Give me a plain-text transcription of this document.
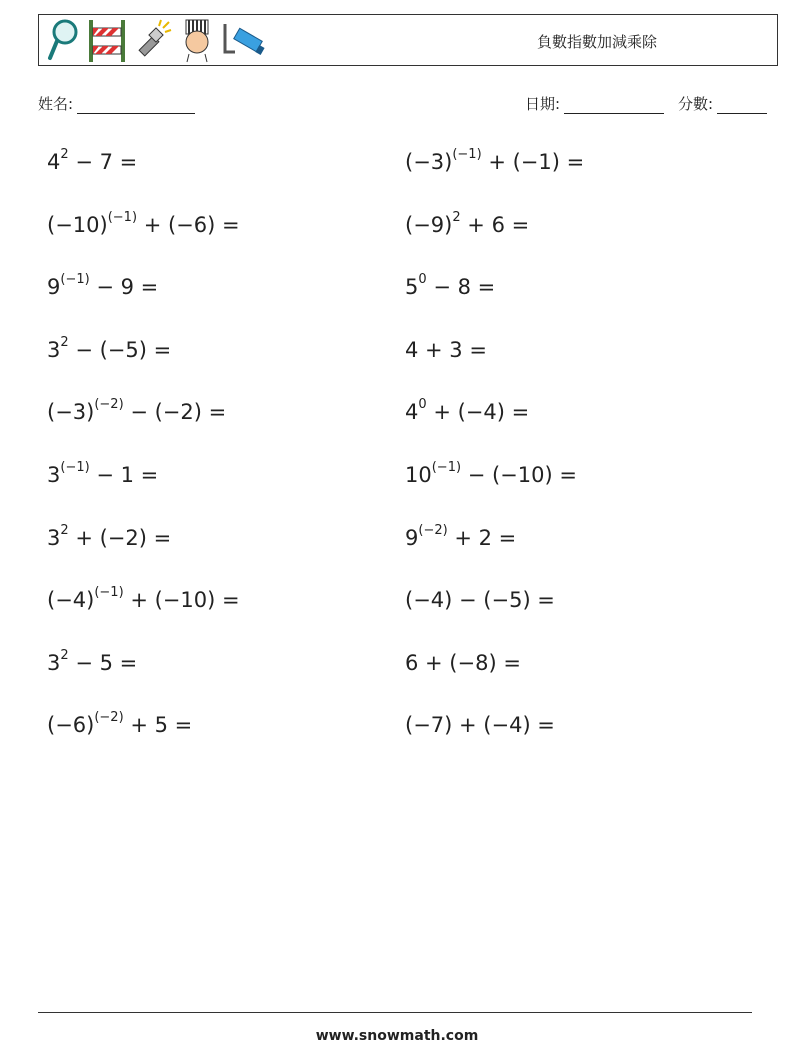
負數指數加減乘除
姓名:	日期:	分數:
$4^2 - 7$ =
$(-10)^{(-1)} + (-6)$ =
$9^{(-1)} - 9$ =
$3^2 - (-5)$ =
$(-3)^{(-2)} - (-2)$ =
$3^{(-1)} - 1$ =
$3^2 + (-2)$ =
$(-4)^{(-1)} + (-10)$ =
$3^2 - 5$ =
$(-6)^{(-2)} + 5$ =
$(-3)^{(-1)} + (-1)$ =
$(-9)^2 + 6$ =
$5^0 - 8$ =
4 + 3 =
$4^0 + (-4)$ =
$10^{(-1)} - (-10)$ =
$9^{(-2)} + 2$ =
(−4) − (−5) =
6 + (−8) =
(−7) + (−4) =
www.snowmath.com
